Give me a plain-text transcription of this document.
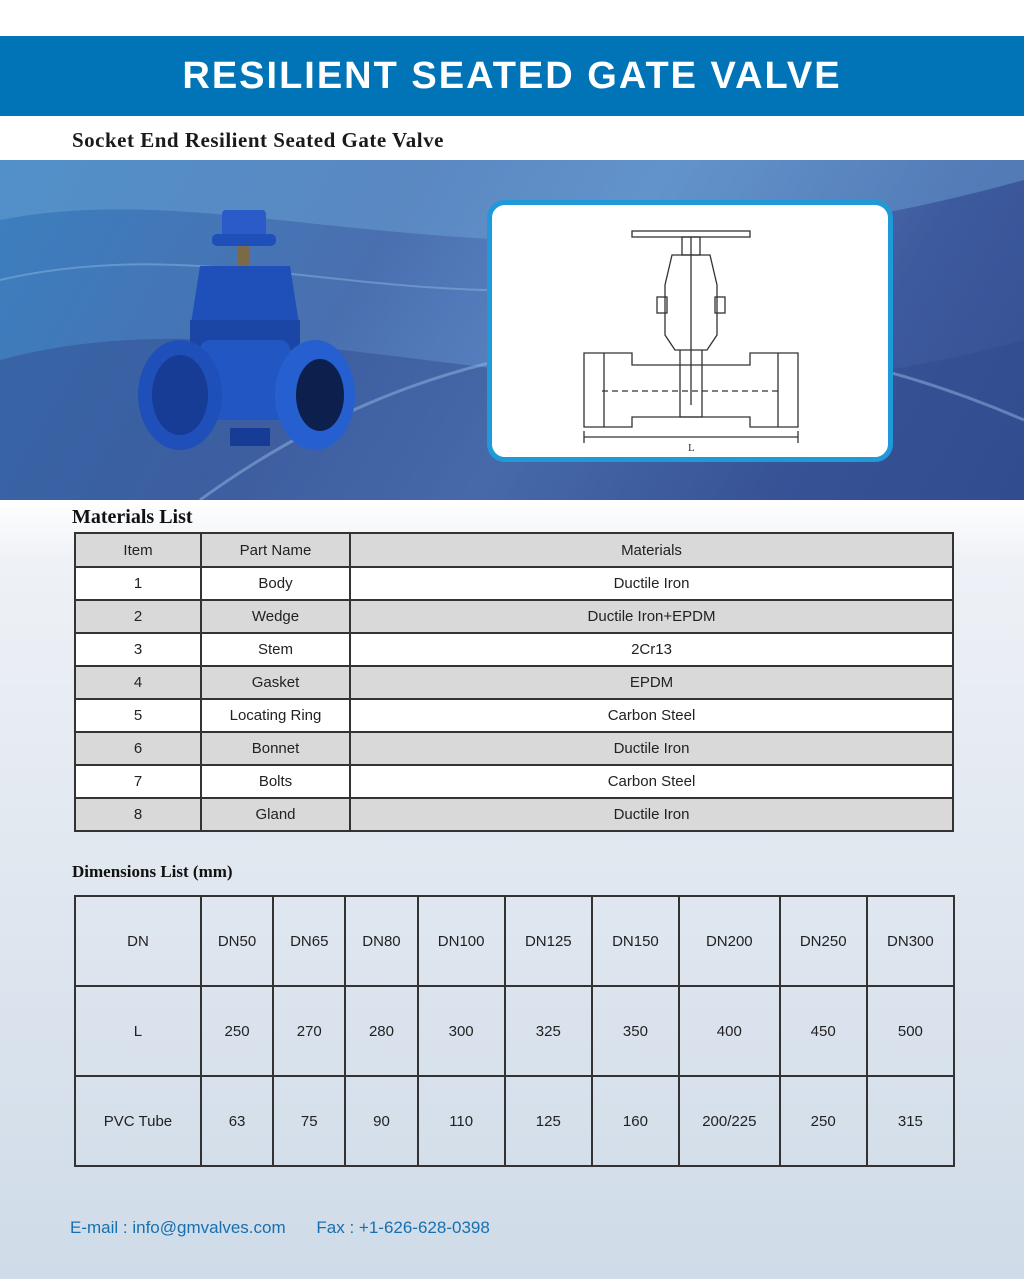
RESILIENT SEATED GATE VALVE
Socket End Resilient Seated Gate Valve
L
Materials List
Item	Part Name	Materials
1	Body	Ductile Iron
2	Wedge	Ductile Iron+EPDM
3	Stem	2Cr13
4	Gasket	EPDM
5	Locating Ring	Carbon Steel
6	Bonnet	Ductile Iron
7	Bolts	Carbon Steel
8	Gland	Ductile Iron
Dimensions List (mm)
DN	DN50	DN65	DN80	DN100	DN125	DN150	DN200	DN250	DN300
L	250	270	280	300	325	350	400	450	500
PVC Tube	63	75	90	110	125	160	200/225	250	315
E-mail : info@gmvalves.com Fax : +1-626-628-0398
